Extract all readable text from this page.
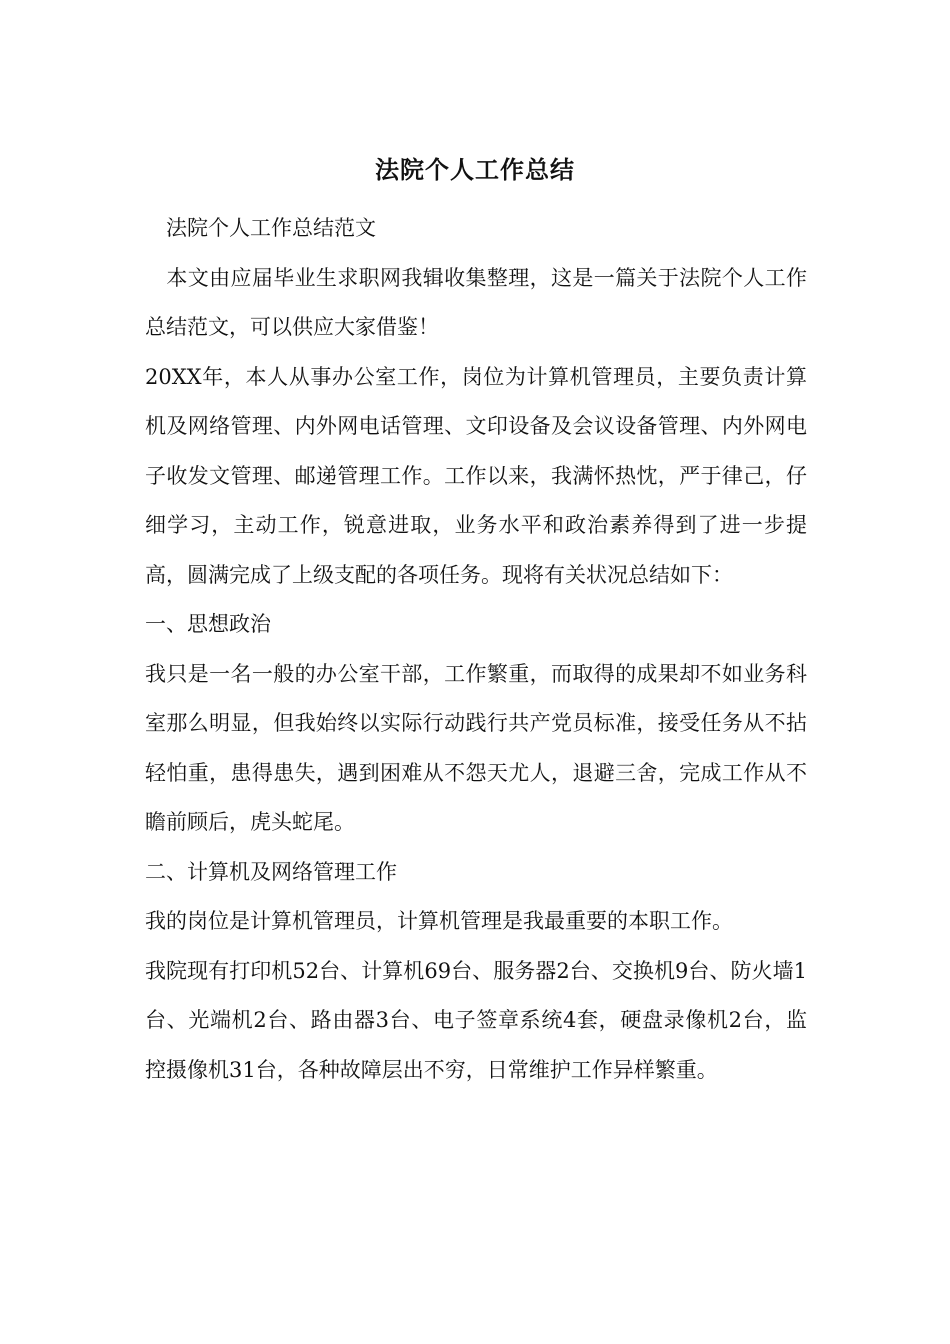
法院个人工作总结

　法院个人工作总结范文

　本文由应届毕业生求职网我辑收集整理，这是一篇关于法院个人工作总结范文，可以供应大家借鉴！

20XX年，本人从事办公室工作，岗位为计算机管理员，主要负责计算机及网络管理、内外网电话管理、文印设备及会议设备管理、内外网电子收发文管理、邮递管理工作。工作以来，我满怀热忱，严于律己，仔细学习，主动工作，锐意进取，业务水平和政治素养得到了进一步提高，圆满完成了上级支配的各项任务。现将有关状况总结如下：

一、思想政治

我只是一名一般的办公室干部，工作繁重，而取得的成果却不如业务科室那么明显，但我始终以实际行动践行共产党员标准，接受任务从不拈轻怕重，患得患失，遇到困难从不怨天尤人，退避三舍，完成工作从不瞻前顾后，虎头蛇尾。

二、计算机及网络管理工作

我的岗位是计算机管理员，计算机管理是我最重要的本职工作。

我院现有打印机52台、计算机69台、服务器2台、交换机9台、防火墙1台、光端机2台、路由器3台、电子签章系统4套，硬盘录像机2台，监控摄像机31台，各种故障层出不穷，日常维护工作异样繁重。
